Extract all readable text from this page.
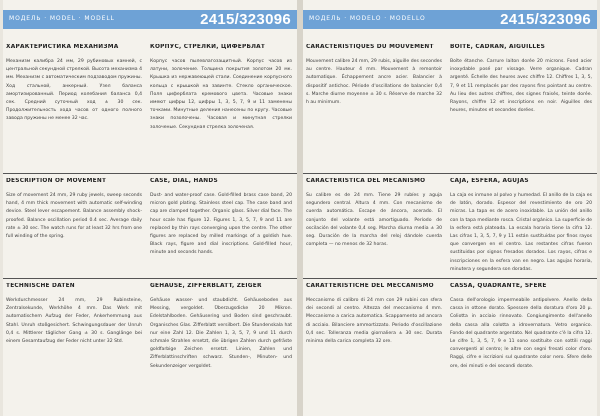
МОДЕЛЬ · MODEL · MODELL	2415/323096
ХАРАКТЕРИСТИКА МЕХАНИЗМА

Механизм калибра 24 мм, 29 рубиновых камней, с центральной секундной стрелкой. Высота механизма 4 мм. Механизм с автоматическим подзаводом пружины. Ход стальной, анкерный. Узел баланса амортизированный. Период колебания баланса 0,4 сек. Средний суточный ход ± 30 сек. Продолжительность хода часов от одного полного завода пружины не менее 32 час.

КОРПУС, СТРЕЛКИ, ЦИФЕРБЛАТ

Корпус часов пылевлагозащитный. Корпус часов из латуни, золочение. Толщина покрытия золотом 20 мк. Крышка из нержавеющей стали. Соединение корпусного кольца с крышкой на завинте. Стекло органическое. Поля циферблата кремового цвета. Часовые знаки имеют цифры 12, цифры 1, 3, 5, 7, 9 и 11 заменены точками. Минутные деления нанесены по кругу. Часовые знаки позолочены. Часовая и минутная стрелки золоченые. Секундная стрелка золоченая.

DESCRIPTION OF MOVEMENT

Size of movement 24 mm, 29 ruby jewels, sweep seconds hand, 4 mm thick movement with automatic self-winding device. Steel lever escapement. Balance assembly shock-proofed. Balance oscillation period 0.4 sec. Average daily rate ± 30 sec. The watch runs for at least 32 hrs from one full winding of the spring.

CASE, DIAL, HANDS

Dust- and water-proof case. Gold-filled brass case band, 20 micron gold plating. Stainless steel cap. The case band and cap are clamped together. Organic glass. Silver dial face. The hour scale has figure 12. Figures 1, 3, 5, 7, 9 and 11 are replaced by thin rays converging upon the centre. The other figures are replaced by milled markings of a goldish hue. Black rays, figure and dial inscriptions. Gold-filled hour, minute and seconds hands.

TECHNISCHE DATEN

Werkdurchmesser 24 mm, 29 Rubinsteine, Zentralsekunde, Werkhöhe 4 mm. Das Werk mit automatischem Aufzug der Feder, Ankerhemmung aus Stahl. Unruh stoßgesichert. Schwingungsdauer der Unruh 0,4 s. Mittlerer täglicher Gang ± 30 s. Ganglänge bei einem Gesamtaufzug der Feder nicht unter 32 Std.

GEHÄUSE, ZIFFERBLATT, ZEIGER

Gehäuse wasser- und staubdicht. Gehäuseboden aus Messing, vergoldet. Überzugsdicke 20 Mikron. Edelstahlboden. Gehäusering und Boden sind geschraubt. Organisches Glas. Zifferblatt versilbert. Die Stundenskala hat nur eine Zahl 12. Die Zahlen 1, 3, 5, 7, 9 und 11 durch schmale Strahlen ersetzt, die übrigen Zahlen durch gefräste goldfarbige Zeichen ersetzt. Linien, Zahlen und Zifferblattinschriften schwarz. Stunden-, Minuten- und Sekundenzeiger vergoldet.

МОДЕЛЬ · MODELO · MODELLO	2415/323096
CARACTÉRISTIQUES DU MOUVEMENT

Mouvement calibre 24 mm, 29 rubis, aiguille des secondes au centre. Hauteur 4 mm. Mouvement à remontoir automatique. Échappement ancre acier. Balancier à dispositif antichoc. Période d'oscillations de balancier 0,4 s. Marche diurne moyenne ± 30 s. Réserve de marche 32 h au minimum.

BOÎTE, CADRAN, AIGUILLES

Boîte étanche. Carrure laiton dorée 20 microns. Fond acier inoxydable posé par vissage. Verre organique. Cadran argenté. Échelle des heures avec chiffre 12. Chiffres 1, 3, 5, 7, 9 et 11 remplacés par des rayons fins pointant au centre. Au lieu des autres chiffres, des signes fraisés, teinte dorée. Rayons, chiffre 12 et inscriptions en noir. Aiguilles des heures, minutes et secondes dorées.

CARACTERISTICA DEL MECANISMO

Su calibre es de 24 mm. Tiene 29 rubíes y aguja segundero central. Altura 4 mm. Con mecanismo de cuerda automática. Escape de áncora, acerado. El conjunto del volante está amortiguado. Período de oscilación del volante 0,4 seg. Marcha diurna media ± 30 seg. Duración de la marcha del reloj dándole cuerda completa — no menos de 32 horas.

CAJA, ESFERA, AGUJAS

La caja es inmune al polvo y humedad. El anillo de la caja es de latón, dorado. Espesor del revestimiento de oro 20 micras. La tapa es de acero inoxidable. La unión del anillo con la tapa mediante rosca. Cristal orgánico. La superficie de la esfera está plateada. La escala horaria tiene la cifra 12. Las cifras 1, 3, 5, 7, 9 y 11 están sustituidas por finos rayos que convergen en el centro. Las restantes cifras fueron sustituidas por signos fresados dorados. Los rayos, cifras e inscripciones en la esfera van en negro. Las agujas horaria, minutera y segundera son doradas.

CARATTERISTICHE DEL MECCANISMO

Meccanismo di calibro di 24 mm con 29 rubini con sfera dei secondi al centro. Altezza del meccanismo 4 mm. Meccanismo a carica automatica. Scappamento ad ancora di acciaio. Bilanciere ammortizzato. Periodo d'oscillazione 0,4 sec. Tolleranza media giornaliera ± 30 sec. Durata minima della carica completa 32 ore.

CASSA, QUADRANTE, SFERE

Cassa dell'orologio impermeabile antipolvere. Anello della cassa in ottone dorato. Spessore della doratura d'oro 20 μ. Coliotta in acciaio rinnovato. Congiungimento dell'anello della cassa alla colotta a idrovernatura. Vetro organico. Fondo del quadrante argentato. Nel quadrante c'è la cifra 12. Le cifre 1, 3, 5, 7, 9 e 11 sono sostituite con sottili raggi convergenti al centro; le altre con segni fresati color d'oro. Raggi, cifre e iscrizioni sul quadrante color nero. Sfere delle ore, dei minuti e dei secondi dorate.
